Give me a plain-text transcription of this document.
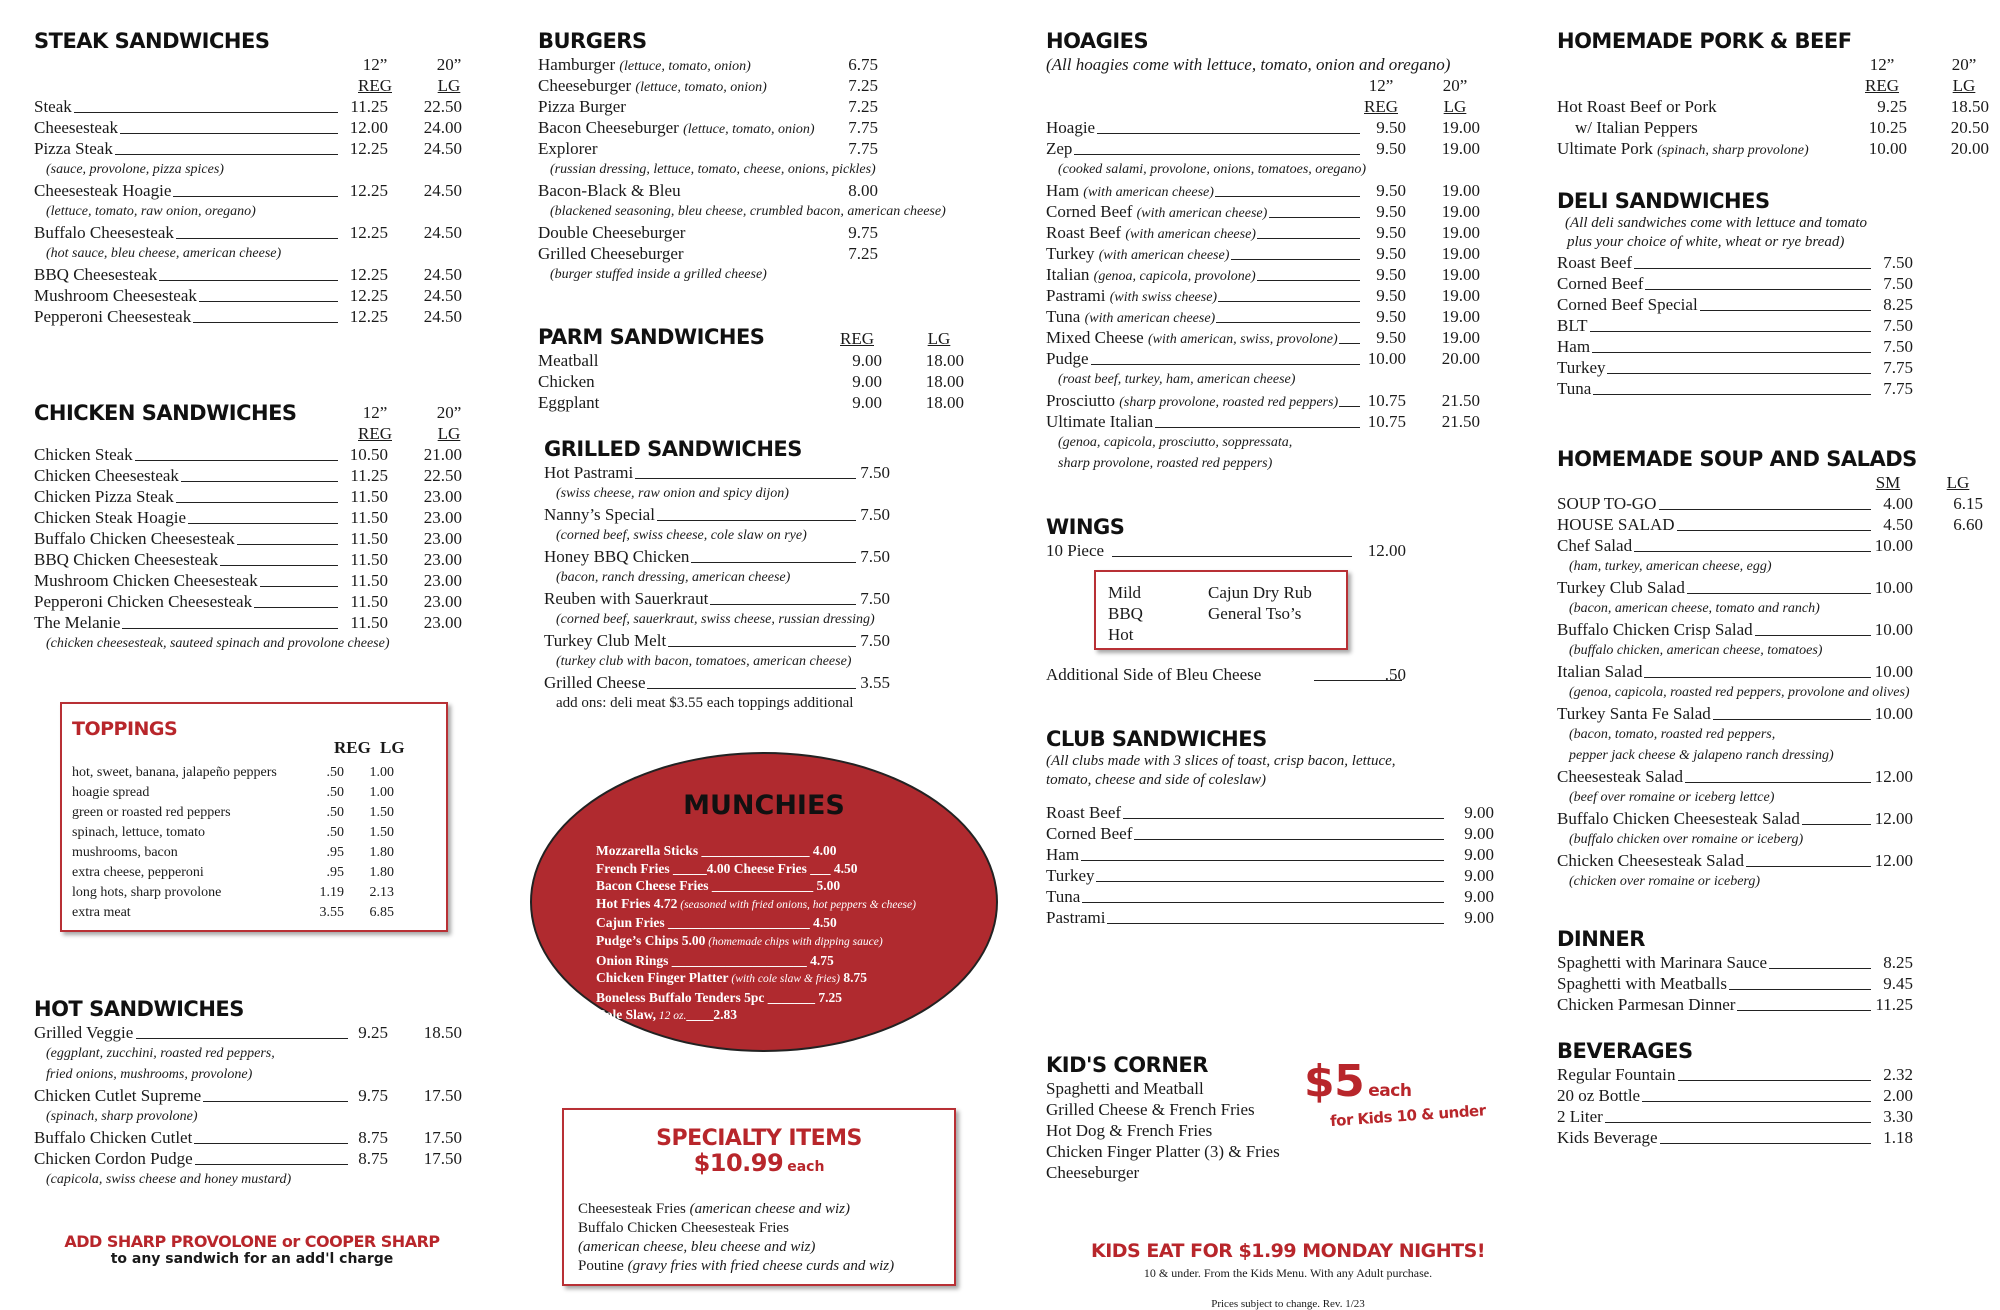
STEAK SANDWICHES
12”	20”
REG	LG
Steak	11.25	22.50
Cheesesteak	12.00	24.00
Pizza Steak	12.25	24.50
(sauce, provolone, pizza spices)
Cheesesteak Hoagie	12.25	24.50
(lettuce, tomato, raw onion, oregano)
Buffalo Cheesesteak	12.25	24.50
(hot sauce, bleu cheese, american cheese)
BBQ Cheesesteak	12.25	24.50
Mushroom Cheesesteak	12.25	24.50
Pepperoni Cheesesteak	12.25	24.50
CHICKEN SANDWICHES	12”	20”
REG	LG
Chicken Steak	10.50	21.00
Chicken Cheesesteak	11.25	22.50
Chicken Pizza Steak	11.50	23.00
Chicken Steak Hoagie	11.50	23.00
Buffalo Chicken Cheesesteak	11.50	23.00
BBQ Chicken Cheesesteak	11.50	23.00
Mushroom Chicken Cheesesteak	11.50	23.00
Pepperoni Chicken Cheesesteak	11.50	23.00
The Melanie	11.50	23.00
(chicken cheesesteak, sauteed spinach and provolone cheese)
TOPPINGS
REG LG
hot, sweet, banana, jalapeño peppers	.50	1.00
hoagie spread	.50	1.00
green or roasted red peppers	.50	1.50
spinach, lettuce, tomato	.50	1.50
mushrooms, bacon	.95	1.80
extra cheese, pepperoni	.95	1.80
long hots, sharp provolone	1.19	2.13
extra meat	3.55	6.85
HOT SANDWICHES
Grilled Veggie	9.25	18.50
(eggplant, zucchini, roasted red peppers,
fried onions, mushrooms, provolone)
Chicken Cutlet Supreme	9.75	17.50
(spinach, sharp provolone)
Buffalo Chicken Cutlet	8.75	17.50
Chicken Cordon Pudge	8.75	17.50
(capicola, swiss cheese and honey mustard)
ADD SHARP PROVOLONE or COOPER SHARP
to any sandwich for an add'l charge
BURGERS
Hamburger (lettuce, tomato, onion)	6.75
Cheeseburger (lettuce, tomato, onion)	7.25
Pizza Burger	7.25
Bacon Cheeseburger (lettuce, tomato, onion)	7.75
Explorer	7.75
(russian dressing, lettuce, tomato, cheese, onions, pickles)
Bacon-Black & Bleu	8.00
(blackened seasoning, bleu cheese, crumbled bacon, american cheese)
Double Cheeseburger	9.75
Grilled Cheeseburger	7.25
(burger stuffed inside a grilled cheese)
PARM SANDWICHES	REG	LG
Meatball	9.00	18.00
Chicken	9.00	18.00
Eggplant	9.00	18.00
GRILLED SANDWICHES
Hot Pastrami	7.50
(swiss cheese, raw onion and spicy dijon)
Nanny’s Special	7.50
(corned beef, swiss cheese, cole slaw on rye)
Honey BBQ Chicken	7.50
(bacon, ranch dressing, american cheese)
Reuben with Sauerkraut	7.50
(corned beef, sauerkraut, swiss cheese, russian dressing)
Turkey Club Melt	7.50
(turkey club with bacon, tomatoes, american cheese)
Grilled Cheese	3.55
add ons: deli meat $3.55 each toppings additional
MUNCHIES
Mozzarella Sticks ________________ 4.00
French Fries _____4.00 Cheese Fries ___ 4.50
Bacon Cheese Fries _______________ 5.00
Hot Fries 4.72 (seasoned with fried onions, hot peppers & cheese)
Cajun Fries _____________________ 4.50
Pudge’s Chips 5.00 (homemade chips with dipping sauce)
Onion Rings ____________________ 4.75
Chicken Finger Platter (with cole slaw & fries) 8.75
Boneless Buffalo Tenders 5pc _______ 7.25
Cole Slaw, 12 oz.____2.83
SPECIALTY ITEMS
$10.99 each
Cheesesteak Fries (american cheese and wiz)
Buffalo Chicken Cheesesteak Fries
(american cheese, bleu cheese and wiz)
Poutine (gravy fries with fried cheese curds and wiz)
HOAGIES
(All hoagies come with lettuce, tomato, onion and oregano)
12”	20”
REG	LG
Hoagie	9.50	19.00
Zep	9.50	19.00
(cooked salami, provolone, onions, tomatoes, oregano)
Ham (with american cheese)	9.50	19.00
Corned Beef (with american cheese)	9.50	19.00
Roast Beef (with american cheese)	9.50	19.00
Turkey (with american cheese)	9.50	19.00
Italian (genoa, capicola, provolone)	9.50	19.00
Pastrami (with swiss cheese)	9.50	19.00
Tuna (with american cheese)	9.50	19.00
Mixed Cheese (with american, swiss, provolone)	9.50	19.00
Pudge	10.00	20.00
(roast beef, turkey, ham, american cheese)
Prosciutto (sharp provolone, roasted red peppers)	10.75	21.50
Ultimate Italian	10.75	21.50
(genoa, capicola, prosciutto, soppressata,
sharp provolone, roasted red peppers)
WINGS
10 Piece	12.00
Mild
BBQ
Hot
Cajun Dry Rub
General Tso’s
Additional Side of Bleu Cheese	.50
CLUB SANDWICHES
(All clubs made with 3 slices of toast, crisp bacon, lettuce,
tomato, cheese and side of coleslaw)
Roast Beef	9.00
Corned Beef	9.00
Ham	9.00
Turkey	9.00
Tuna	9.00
Pastrami	9.00
KID'S CORNER
Spaghetti and Meatball
Grilled Cheese & French Fries
Hot Dog & French Fries
Chicken Finger Platter (3) & Fries
Cheeseburger
$5 each
for Kids 10 & under
KIDS EAT FOR $1.99 MONDAY NIGHTS!
10 & under. From the Kids Menu. With any Adult purchase.
Prices subject to change. Rev. 1/23
HOMEMADE PORK & BEEF
12”	20”
REG	LG
Hot Roast Beef or Pork	9.25	18.50
w/ Italian Peppers	10.25	20.50
Ultimate Pork (spinach, sharp provolone)	10.00	20.00
DELI SANDWICHES
(All deli sandwiches come with lettuce and tomato
plus your choice of white, wheat or rye bread)
Roast Beef	7.50
Corned Beef	7.50
Corned Beef Special	8.25
BLT	7.50
Ham	7.50
Turkey	7.75
Tuna	7.75
HOMEMADE SOUP AND SALADS
SM	LG
SOUP TO-GO	4.00	6.15
HOUSE SALAD	4.50	6.60
Chef Salad	10.00
(ham, turkey, american cheese, egg)
Turkey Club Salad	10.00
(bacon, american cheese, tomato and ranch)
Buffalo Chicken Crisp Salad	10.00
(buffalo chicken, american cheese, tomatoes)
Italian Salad	10.00
(genoa, capicola, roasted red peppers, provolone and olives)
Turkey Santa Fe Salad	10.00
(bacon, tomato, roasted red peppers,
pepper jack cheese & jalapeno ranch dressing)
Cheesesteak Salad	12.00
(beef over romaine or iceberg lettce)
Buffalo Chicken Cheesesteak Salad	12.00
(buffalo chicken over romaine or iceberg)
Chicken Cheesesteak Salad	12.00
(chicken over romaine or iceberg)
DINNER
Spaghetti with Marinara Sauce	8.25
Spaghetti with Meatballs	9.45
Chicken Parmesan Dinner	11.25
BEVERAGES
Regular Fountain	2.32
20 oz Bottle	2.00
2 Liter	3.30
Kids Beverage	1.18
